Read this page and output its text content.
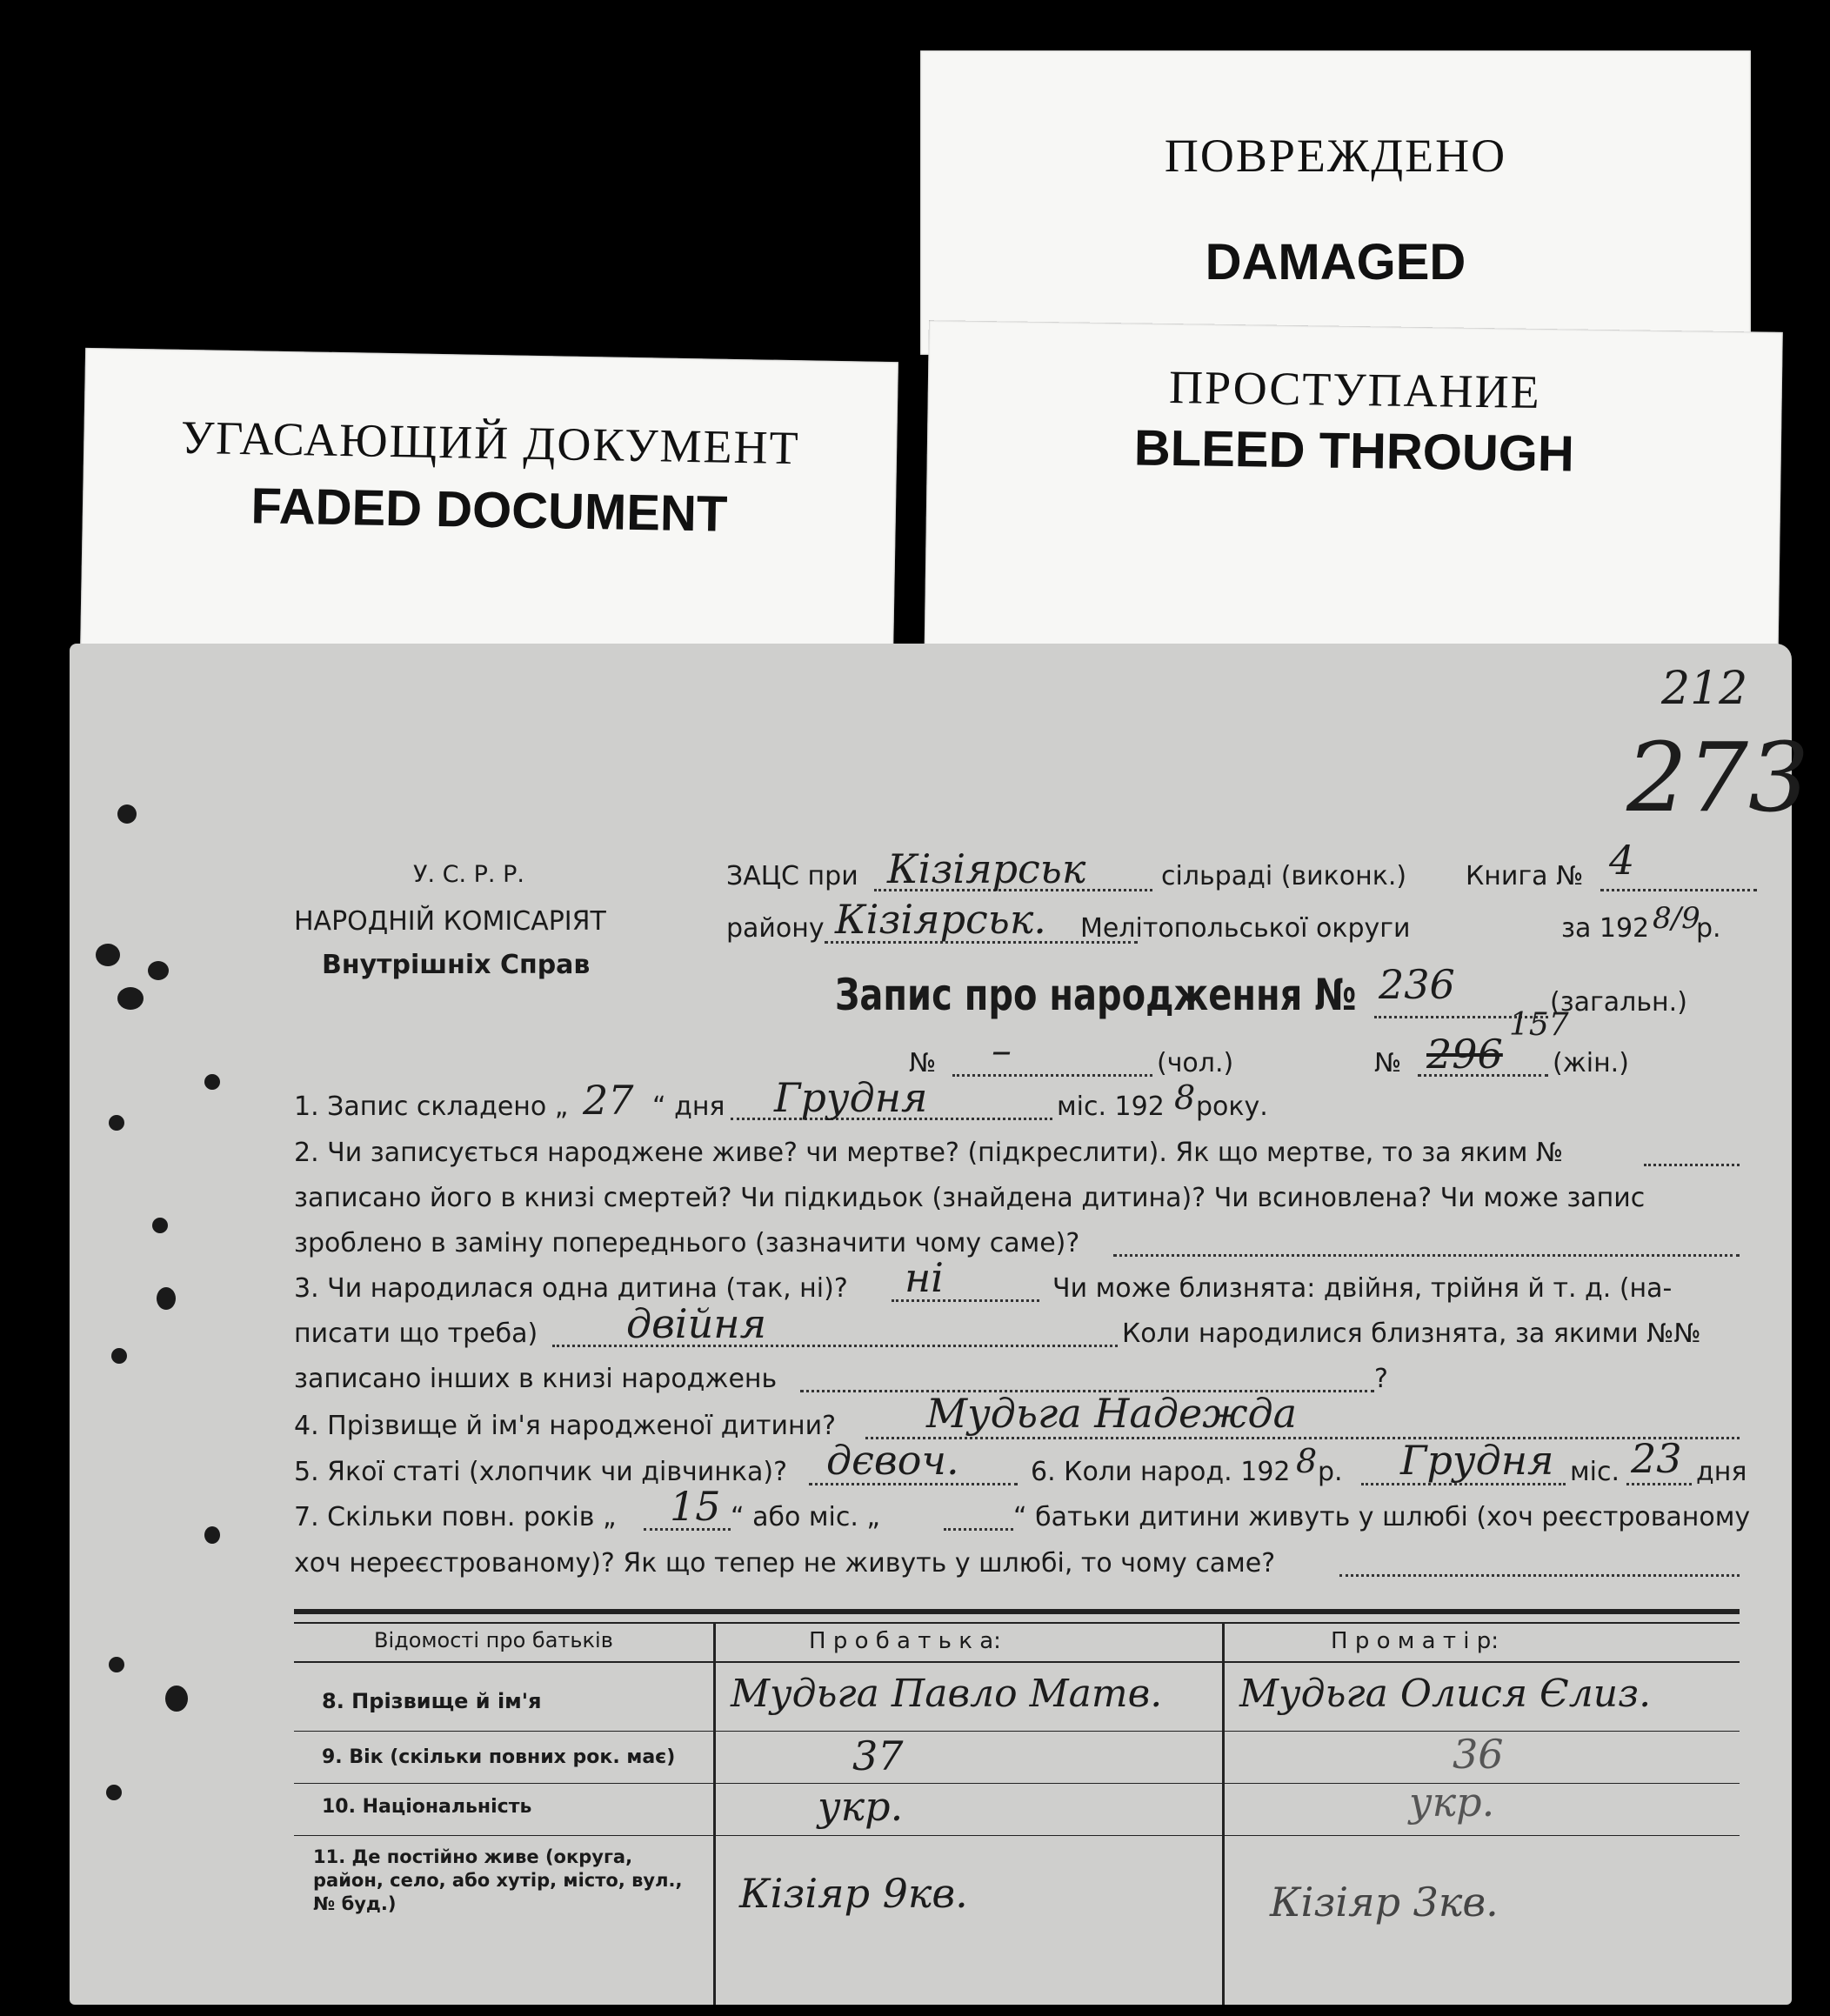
ПОВРЕЖДЕНО
DAMAGED
УГАСАЮЩИЙ ДОКУМЕНТ
FADED DOCUMENT
ПРОСТУПАНИЕ
BLEED THROUGH
212
273
У. С. Р. Р.
НАРОДНІЙ КОМІСАРІЯТ
Внутрішніх Справ
ЗАЦС при Кізіярськ	сільраді (виконк.) Книга № 4
району Кізіярськ. Мелітопольської округи	за 192 8/9
р.
Запис про народження № 236	(загальн.)
№ –	(чол.)	№ 296
157
(жін.)
1. Запис складено „ 27 “ дня Грудня	міс. 192 8 року.
2. Чи записується народжене живе? чи мертве? (підкреслити). Як що мертве, то за яким №
записано його в книзі смертей? Чи підкидьок (знайдена дитина)? Чи всиновлена? Чи може запис
зроблено в заміну попереднього (зазначити чому саме)?
3. Чи народилася одна дитина (так, ні)? ні	Чи може близнята: двійня, трійня й т. д. (на-
писати що треба) двійня	Коли народилися близнята, за якими №№
записано інших в книзі народжень	?
4. Прізвище й ім'я народженої дитини? Мудьга Надежда
5. Якої статі (хлопчик чи дівчинка)? дєвоч.	6. Коли народ. 192 8 р. Грудня міс. 23 дня
7. Скільки повн. років „ 15 “ або міс. „	“ батьки дитини живуть у шлюбі (хоч реєстрованому
хоч нереєстрованому)? Як що тепер не живуть у шлюбі, то чому саме?
Відомості про батьків	П р о б а т ь к а:	П р о м а т і р:
8. Прізвище й ім'я	Мудьга Павло Матв. Мудьга Олися Єлиз.
9. Вік (скільки повних рок. має)	37	36
10. Національність	укр.	укр.
11. Де постійно живе (округа, район, село, або хутір, місто, вул., № буд.)	Кізіяр 9кв.	Кізіяр 3кв.
